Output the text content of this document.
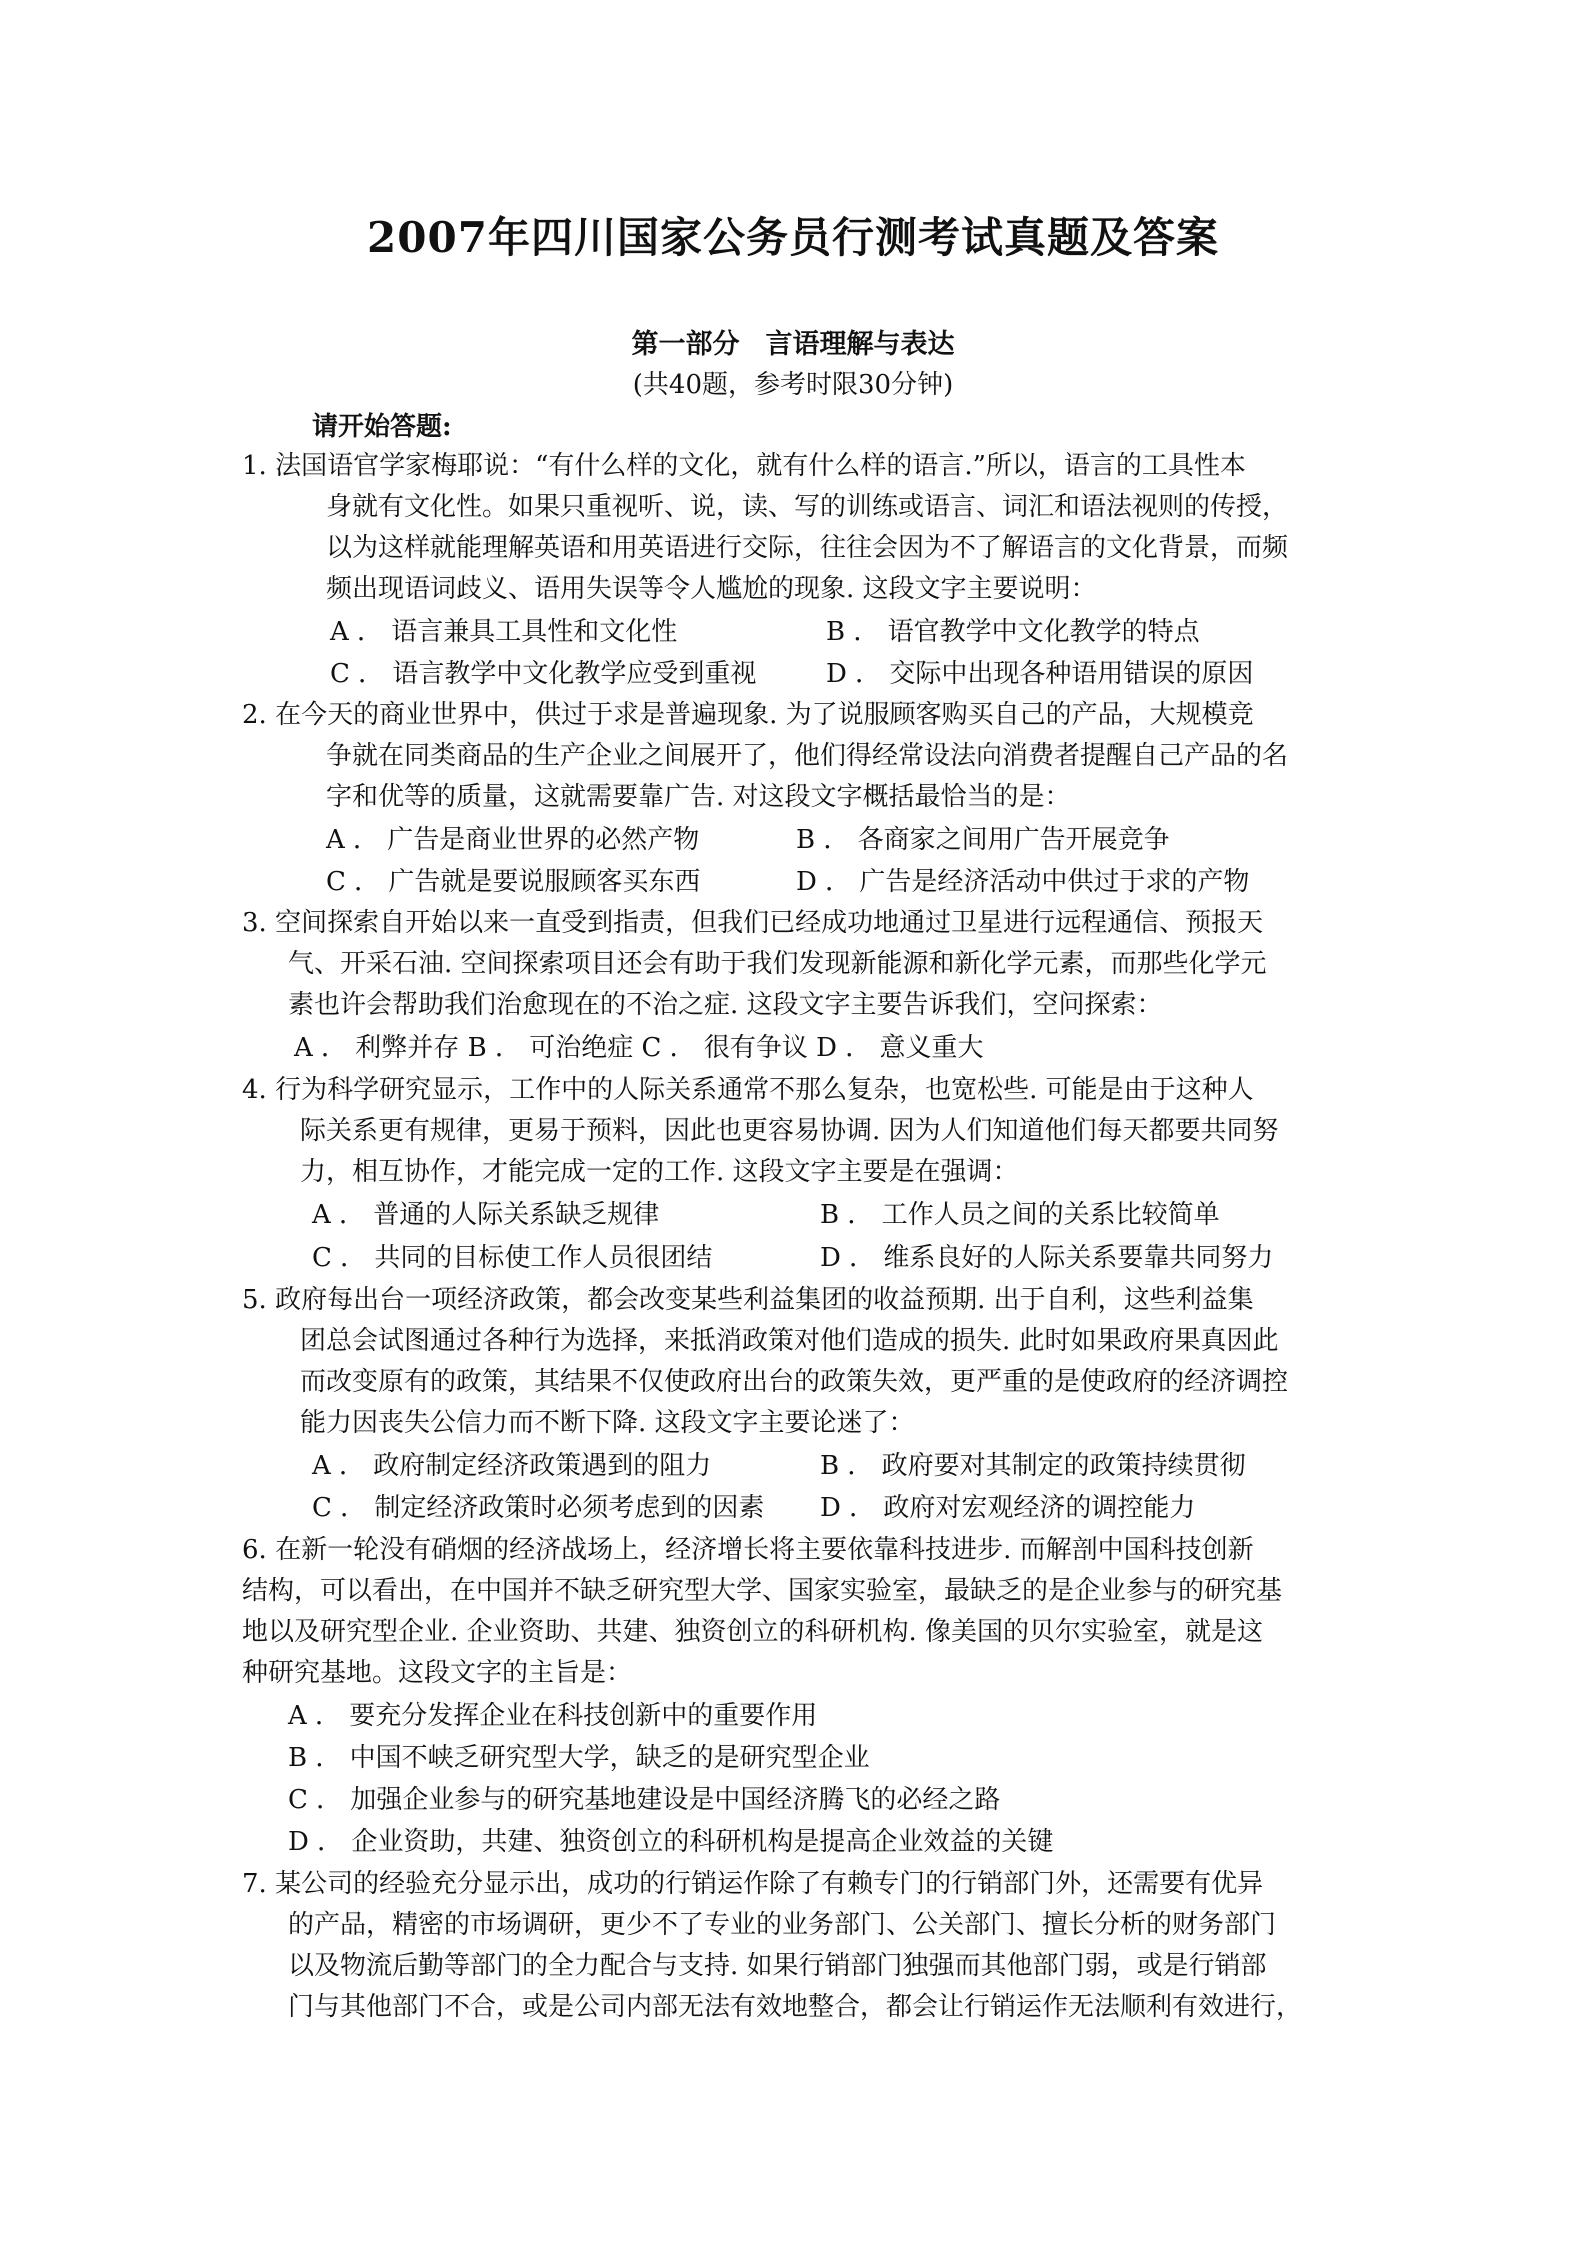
2007年四川国家公务员行测考试真题及答案
第一部分 言语理解与表达
(共40题，参考时限30分钟)
请开始答题:
1. 法国语官学家梅耶说：“有什么样的文化，就有什么样的语言.”所以，语言的工具性本
身就有文化性。如果只重视听、说，读、写的训练或语言、词汇和语法视则的传授，
以为这样就能理解英语和用英语进行交际，往往会因为不了解语言的文化背景，而频
频出现语词歧义、语用失误等令人尴尬的现象. 这段文字主要说明：
A ． 语言兼具工具性和文化性	B ． 语官教学中文化教学的特点
C ． 语言教学中文化教学应受到重视	D ． 交际中出现各种语用错误的原因
2. 在今天的商业世界中，供过于求是普遍现象. 为了说服顾客购买自己的产品，大规模竞
争就在同类商品的生产企业之间展开了，他们得经常设法向消费者提醒自己产品的名
字和优等的质量，这就需要靠广告. 对这段文字概括最恰当的是：
A ． 广告是商业世界的必然产物	B ． 各商家之间用广告开展竞争
C ． 广告就是要说服顾客买东西	D ． 广告是经济活动中供过于求的产物
3. 空间探索自开始以来一直受到指责，但我们已经成功地通过卫星进行远程通信、预报天
气、开采石油. 空间探索项目还会有助于我们发现新能源和新化学元素，而那些化学元
素也许会帮助我们治愈现在的不治之症. 这段文字主要告诉我们，空问探索：
A ． 利弊并存 B ． 可治绝症 C ． 很有争议 D ． 意义重大
4. 行为科学研究显示，工作中的人际关系通常不那么复杂，也宽松些. 可能是由于这种人
际关系更有规律，更易于预料，因此也更容易协调. 因为人们知道他们每天都要共同努
力，相互协作，才能完成一定的工作. 这段文字主要是在强调：
A ． 普通的人际关系缺乏规律	B ． 工作人员之间的关系比较简单
C ． 共同的目标使工作人员很团结	D ． 维系良好的人际关系要靠共同努力
5. 政府每出台一项经济政策，都会改变某些利益集团的收益预期. 出于自利，这些利益集
团总会试图通过各种行为选择，来抵消政策对他们造成的损失. 此时如果政府果真因此
而改变原有的政策，其结果不仅使政府出台的政策失效，更严重的是使政府的经济调控
能力因丧失公信力而不断下降. 这段文字主要论迷了：
A ． 政府制定经济政策遇到的阻力	B ． 政府要对其制定的政策持续贯彻
C ． 制定经济政策时必须考虑到的因素 D ． 政府对宏观经济的调控能力
6. 在新一轮没有硝烟的经济战场上，经济增长将主要依靠科技进步. 而解剖中国科技创新
结构，可以看出，在中国并不缺乏研究型大学、国家实验室，最缺乏的是企业参与的研究基
地以及研究型企业. 企业资助、共建、独资创立的科研机构. 像美国的贝尔实验室，就是这
种研究基地。这段文字的主旨是：
A ． 要充分发挥企业在科技创新中的重要作用
B ． 中国不峡乏研究型大学，缺乏的是研究型企业
C ． 加强企业参与的研究基地建设是中国经济腾飞的必经之路
D ． 企业资助，共建、独资创立的科研机构是提高企业效益的关键
7. 某公司的经验充分显示出，成功的行销运作除了有赖专门的行销部门外，还需要有优异
的产品，精密的市场调研，更少不了专业的业务部门、公关部门、擅长分析的财务部门
以及物流后勤等部门的全力配合与支持. 如果行销部门独强而其他部门弱，或是行销部
门与其他部门不合，或是公司内部无法有效地整合，都会让行销运作无法顺利有效进行，
